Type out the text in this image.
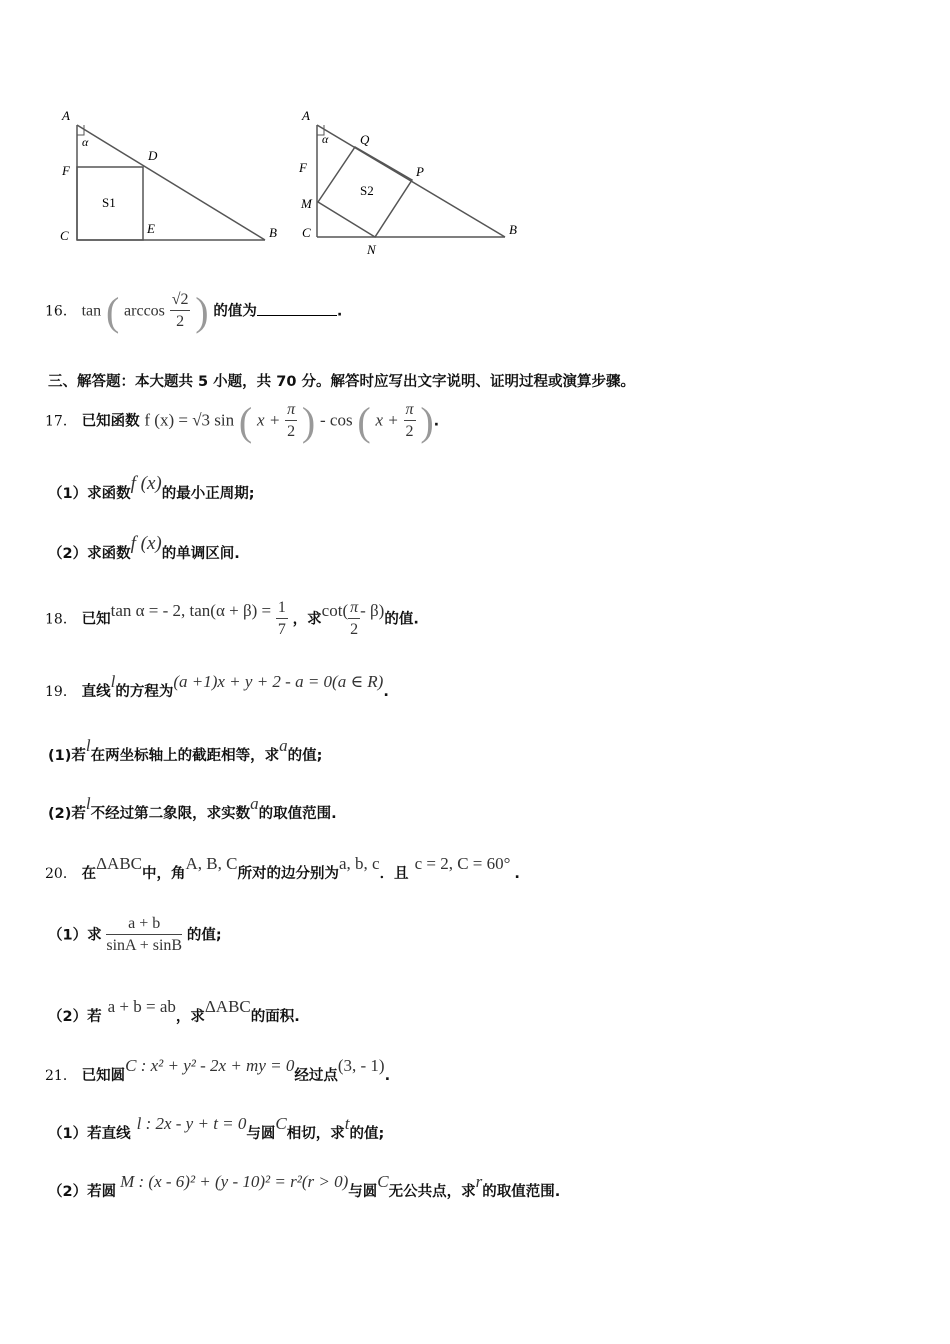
A
α
F
D
S1
C	E	B
A
α Q
F	P
S2
M
C
N
B
16． tan ( $\arccos \frac{√2}{2}$ ) 的值为	.
三、解答题：本大题共 5 小题，共 70 分。解答时应写出文字说明、证明过程或演算步骤。
17． 已知函数 f (x) = √3 sin ( $x + \frac{\pi}{2}$ ) - cos ( $x + \frac{\pi}{2}$ ).
（1）求函数f (x)的最小正周期;
（2）求函数f (x)的单调区间.
18． 已知tan α = - 2, $\tan(\alpha + \beta) = \frac{1}{7}$ ，求$\cot( \frac{\pi}{2} - \beta)$的值.
19． 直线l的方程为(a +1)x + y + 2 - a = 0(a ∈ R).
(1)若l在两坐标轴上的截距相等，求a的值;
(2)若l不经过第二象限，求实数a的取值范围.
20． 在ΔABC中，角A, B, C所对的边分别为a, b, c．且c = 2, C = 60°.
（1）求 $\frac{a + b}{\sin A + \sin B}$ 的值;
（2）若a + b = ab，求ΔABC的面积.
21． 已知圆C : x² + y² - 2x + my = 0经过点(3, - 1).
（1）若直线l : 2x - y + t = 0与圆C相切，求t的值;
（2）若圆M : (x - 6)² + (y - 10)² = r²(r > 0)与圆C无公共点，求r的取值范围.
